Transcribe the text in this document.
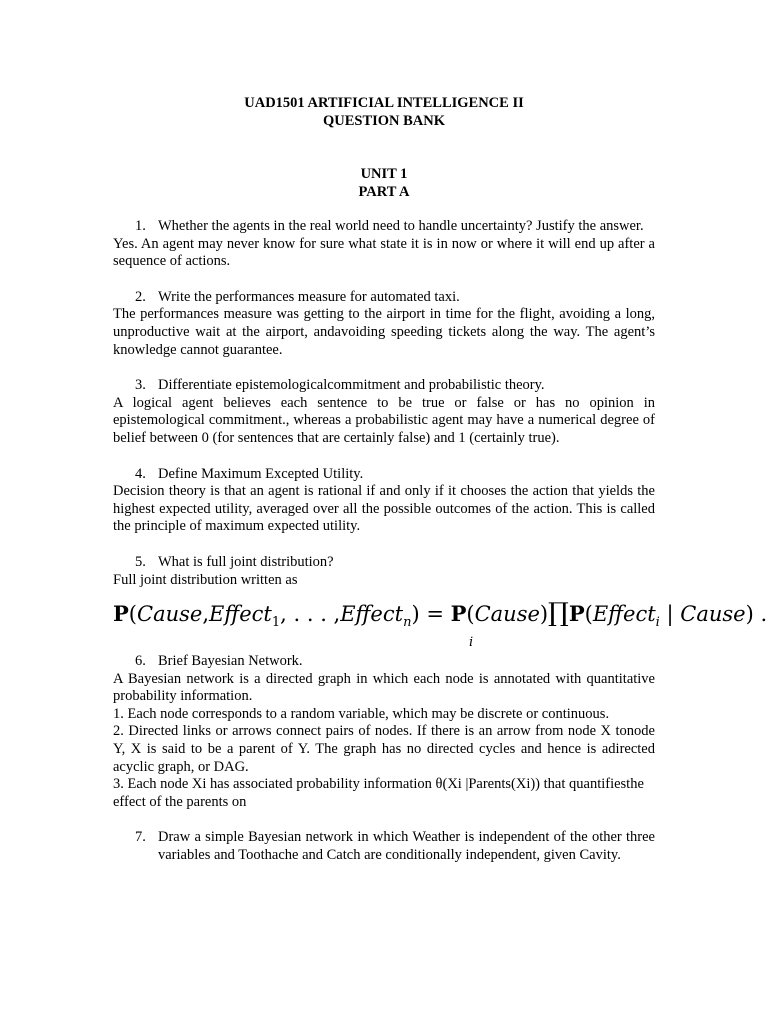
UAD1501 ARTIFICIAL INTELLIGENCE II
QUESTION BANK
UNIT 1
PART A
1. Whether the agents in the real world need to handle uncertainty? Justify the answer.
Yes. An agent may never know for sure what state it is in now or where it will end up after a sequence of actions.
2. Write the performances measure for automated taxi.
The performances measure was getting to the airport in time for the flight, avoiding a long, unproductive wait at the airport, andavoiding speeding tickets along the way. The agent’s knowledge cannot guarantee.
3. Differentiate epistemologicalcommitment and probabilistic theory.
A logical agent believes each sentence to be true or false or has no opinion in epistemological commitment., whereas a probabilistic agent may have a numerical degree of belief between 0 (for sentences that are certainly false) and 1 (certainly true).
4. Define Maximum Excepted Utility.
Decision theory is that an agent is rational if and only if it chooses the action that yields the highest expected utility, averaged over all the possible outcomes of the action. This is called the principle of maximum expected utility.
5. What is full joint distribution?
Full joint distribution written as
P(Cause,Effect$_1$, . . . ,Effect$_n$) = P(Cause)∏P(Effect$_i$ | Cause) .
i
6. Brief Bayesian Network.
A Bayesian network is a directed graph in which each node is annotated with quantitative probability information.
1. Each node corresponds to a random variable, which may be discrete or continuous.
2. Directed links or arrows connect pairs of nodes. If there is an arrow from node X tonode Y, X is said to be a parent of Y. The graph has no directed cycles and hence is adirected acyclic graph, or DAG.
3. Each node Xi has associated probability information θ(Xi |Parents(Xi)) that quantifiesthe effect of the parents on
7. Draw a simple Bayesian network in which Weather is independent of the other three variables and Toothache and Catch are conditionally independent, given Cavity.
